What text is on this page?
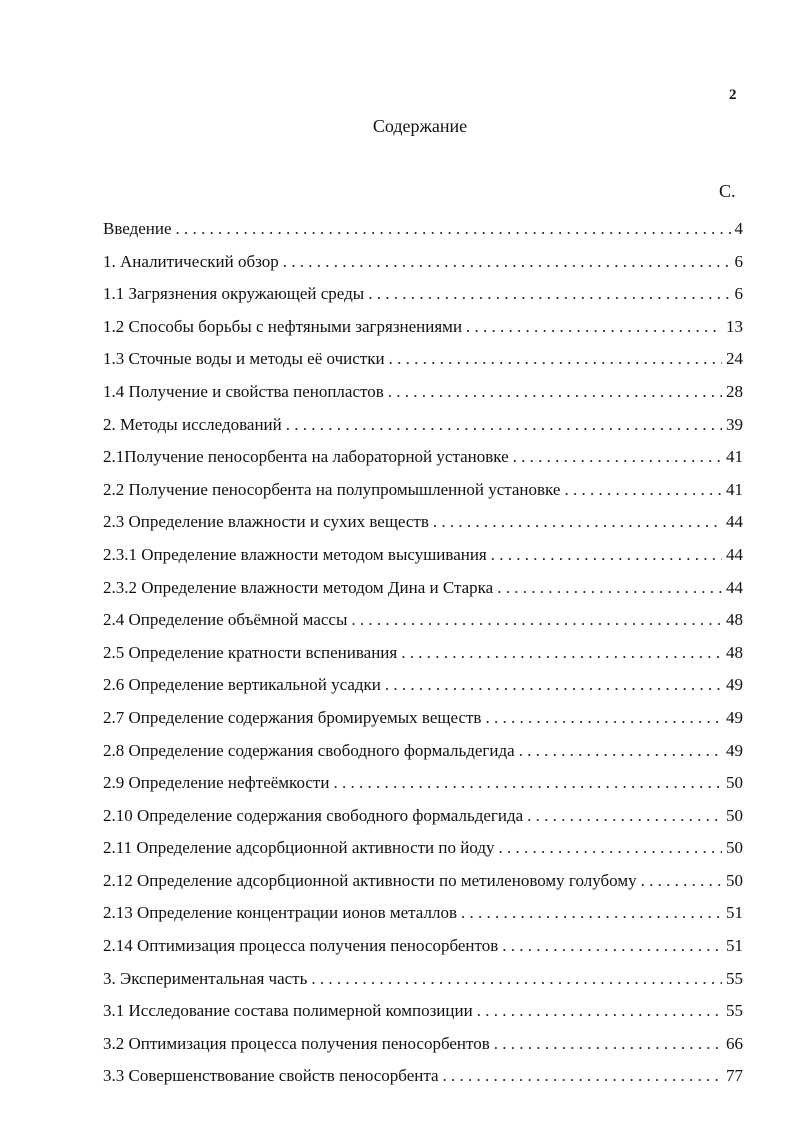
2
Содержание
С.
Введение . . .	4
1. Аналитический обзор . . .	6
1.1 Загрязнения окружающей среды . . .	6
1.2 Способы борьбы с нефтяными загрязнениями . . .	13
1.3 Сточные воды и методы её очистки . . .	24
1.4 Получение и свойства пенопластов . . .	28
2. Методы исследований . . .	39
2.1Получение пеносорбента на лабораторной установке . . .	41
2.2 Получение пеносорбента на полупромышленной установке . . .	41
2.3 Определение влажности и сухих веществ . . .	44
2.3.1 Определение влажности методом высушивания . . .	44
2.3.2 Определение влажности методом Дина и Старка . . .	44
2.4 Определение объёмной массы . . .	48
2.5 Определение кратности вспенивания . . .	48
2.6 Определение вертикальной усадки . . .	49
2.7 Определение содержания бромируемых веществ . . .	49
2.8 Определение содержания свободного формальдегида . . .	49
2.9 Определение нефтеёмкости . . .	50
2.10 Определение содержания свободного формальдегида . . .	50
2.11 Определение адсорбционной активности по йоду . . .	50
2.12 Определение адсорбционной активности по метиленовому голубому . . .	50
2.13 Определение концентрации ионов металлов . . .	51
2.14 Оптимизация процесса получения пеносорбентов . . .	51
3. Экспериментальная часть . . .	55
3.1 Исследование состава полимерной композиции . . .	55
3.2 Оптимизация процесса получения пеносорбентов . . .	66
3.3 Совершенствование свойств пеносорбента . . .	77
